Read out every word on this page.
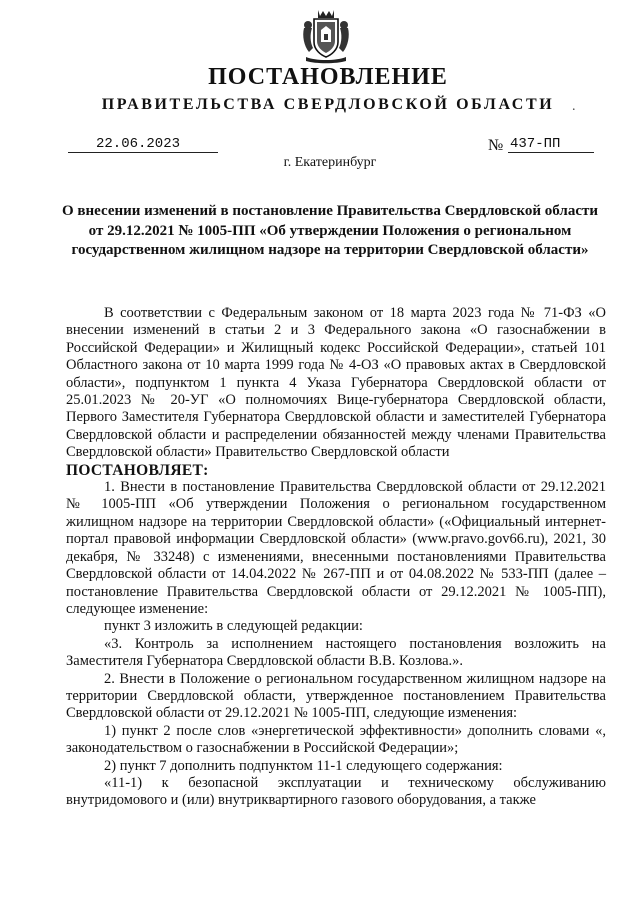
ПОСТАНОВЛЕНИЕ
ПРАВИТЕЛЬСТВА СВЕРДЛОВСКОЙ ОБЛАСТИ	.
22.06.2023	№ 437-ПП
г. Екатеринбург
О внесении изменений в постановление Правительства Свердловской области от 29.12.2021 № 1005-ПП «Об утверждении Положения о региональном государственном жилищном надзоре на территории Свердловской области»

В соответствии с Федеральным законом от 18 марта 2023 года № 71-ФЗ «О внесении изменений в статьи 2 и 3 Федерального закона «О газоснабжении в Российской Федерации» и Жилищный кодекс Российской Федерации», статьей 101 Областного закона от 10 марта 1999 года № 4-ОЗ «О правовых актах в Свердловской области», подпунктом 1 пункта 4 Указа Губернатора Свердловской области от 25.01.2023 № 20-УГ «О полномочиях Вице-губернатора Свердловской области, Первого Заместителя Губернатора Свердловской области и заместителей Губернатора Свердловской области и распределении обязанностей между членами Правительства Свердловской области» Правительство Свердловской области

ПОСТАНОВЛЯЕТ:

1. Внести в постановление Правительства Свердловской области от 29.12.2021 № 1005-ПП «Об утверждении Положения о региональном государственном жилищном надзоре на территории Свердловской области» («Официальный интернет-портал правовой информации Свердловской области» (www.pravo.gov66.ru), 2021, 30 декабря, № 33248) с изменениями, внесенными постановлениями Правительства Свердловской области от 14.04.2022 № 267-ПП и от 04.08.2022 № 533-ПП (далее – постановление Правительства Свердловской области от 29.12.2021 № 1005-ПП), следующее изменение:

пункт 3 изложить в следующей редакции:

«3. Контроль за исполнением настоящего постановления возложить на Заместителя Губернатора Свердловской области В.В. Козлова.».

2. Внести в Положение о региональном государственном жилищном надзоре на территории Свердловской области, утвержденное постановлением Правительства Свердловской области от 29.12.2021 № 1005-ПП, следующие изменения:

1) пункт 2 после слов «энергетической эффективности» дополнить словами «, законодательством о газоснабжении в Российской Федерации»;

2) пункт 7 дополнить подпунктом 11-1 следующего содержания:

«11-1) к безопасной эксплуатации и техническому обслуживанию внутридомового и (или) внутриквартирного газового оборудования, а также
